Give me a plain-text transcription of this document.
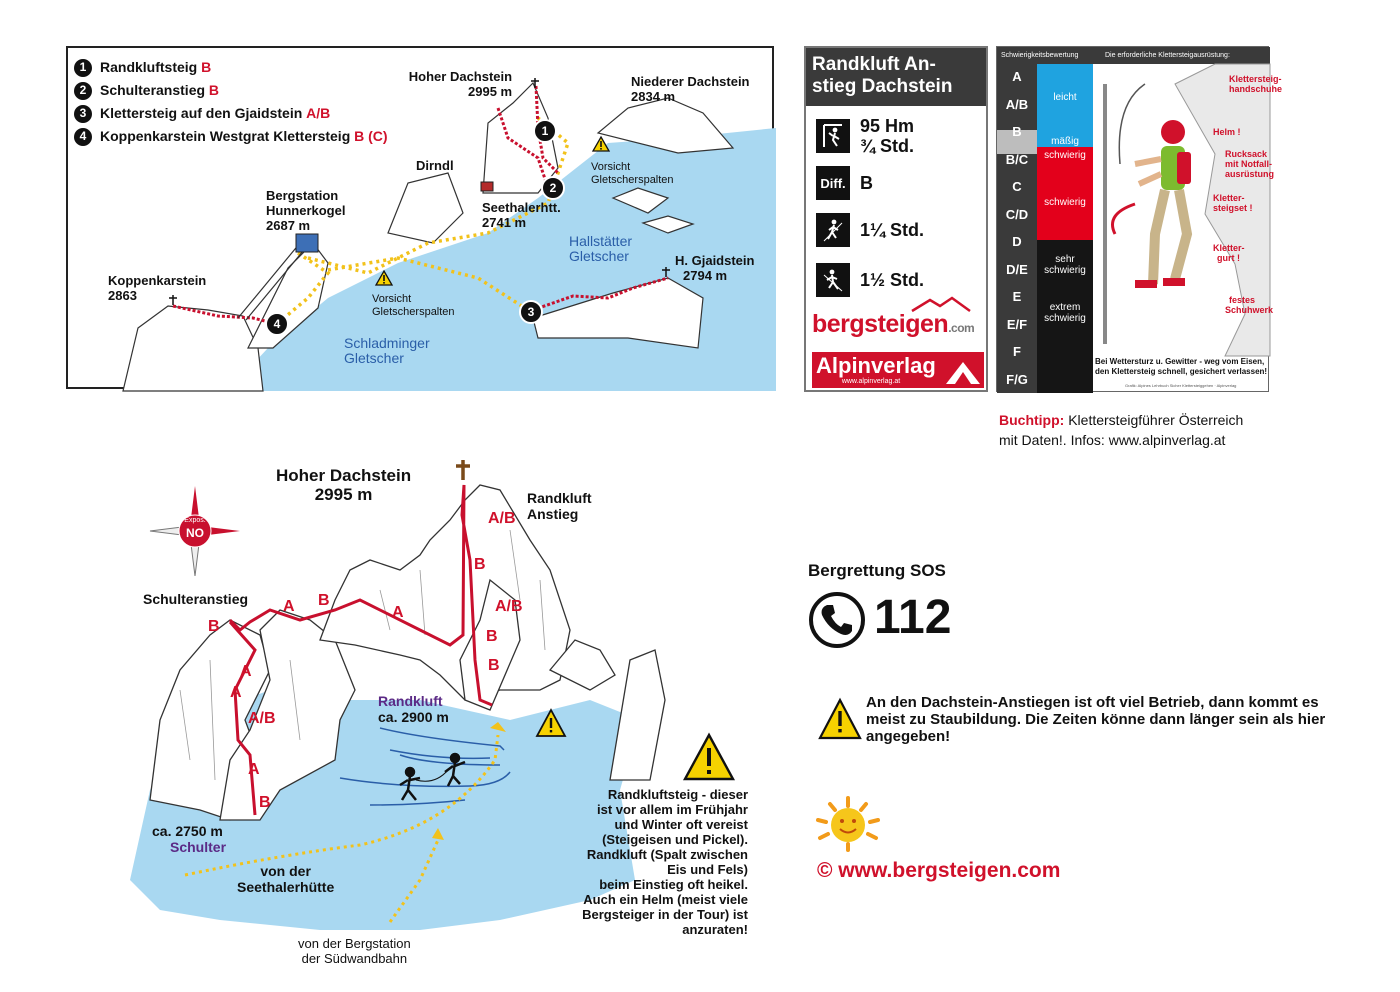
1 Randkluftsteig
B
2 Schulteranstieg
B
3 Klettersteig auf den Gjaidstein
A/B
4 Koppenkarstein Westgrat Klettersteig
B (C)
Hoher Dachstein
2995 m
Niederer Dachstein
2834 m
Dirndl
Seethalerhtt.
2741 m
Bergstation
Hunnerkogel
2687 m
Koppenkarstein
2863
H. Gjaidstein
2794 m
Vorsicht
Gletscherspalten
Vorsicht
Gletscherspalten
Hallstätter
Gletscher
Schladminger
Gletscher
1
2
3
4
Randkluft An-
stieg Dachstein
95 Hm
¾ Std.
Diff. B
1¼ Std.
1½ Std.
bergsteigen.com
Alpinverlag
www.alpinverlag.at
Schwierigkeitsbewertung	Die erforderliche Klettersteigausrüstung:
A
A/B
B
B/C
C
C/D
D
D/E
E
E/F
F
F/G
leicht
mäßig
schwierig
schwierig
sehr schwierig
extrem schwierig
Klettersteig-
handschuhe
Helm !
Rucksack
mit Notfall-
ausrüstung
Kletter-
steigset !
Kletter-
gurt !
festes
Schuhwerk
Bei Wettersturz u. Gewitter - weg vom Eisen,
den Klettersteig schnell, gesichert verlassen!
Grafik: Alpines Lehrbuch Sicher Klettersteiggehen · Alpinverlag
Buchtipp: Klettersteigführer Österreich
mit Daten!. Infos: www.alpinverlag.at
Expos.
NO
Hoher Dachstein
2995 m	Randkluft
Anstieg
Schulteranstieg
A/B
B
A/B
B
B
A
B
A
B
A
A
A/B
A
B
Randkluft
ca. 2900 m
ca. 2750 m
Schulter
von der
Seethalerhütte
von der Bergstation
der Südwandbahn
Randkluftsteig - dieser
ist vor allem im Frühjahr
und Winter oft vereist
(Steigeisen und Pickel).
Randkluft (Spalt zwischen
Eis und Fels)
beim Einstieg oft heikel.
Auch ein Helm (meist viele
Bergsteiger in der Tour) ist
anzuraten!
Bergrettung SOS
112
An den Dachstein-Anstiegen ist oft viel Betrieb, dann kommt es meist zu Staubildung. Die Zeiten könne dann länger sein als hier angegeben!
© www.bergsteigen.com
